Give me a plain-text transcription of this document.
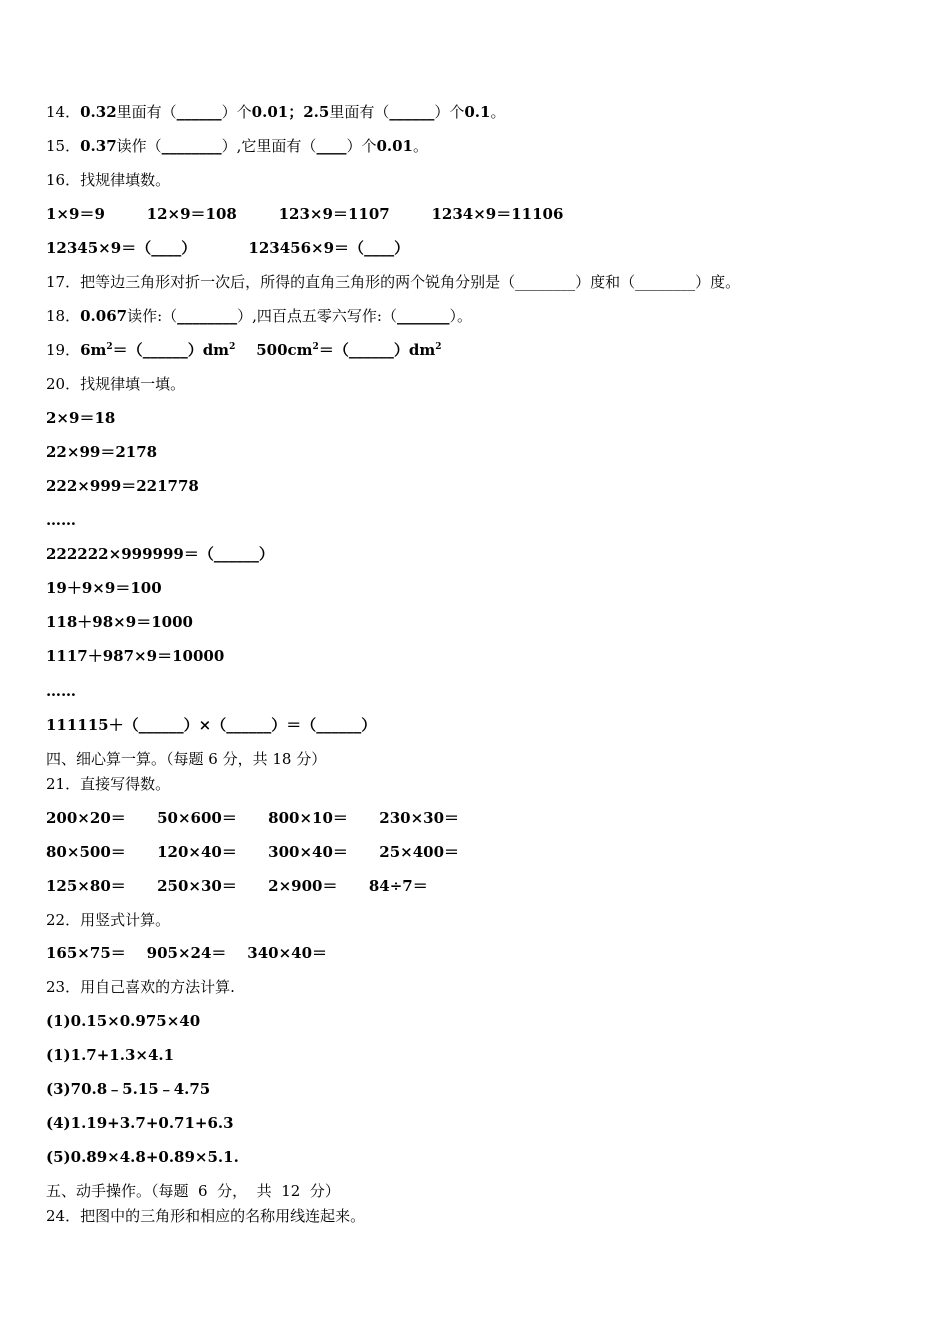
14．0.32里面有（______）个0.01；2.5里面有（______）个0.1。
15．0.37读作（________）,它里面有（____）个0.01。
16．找规律填数。
1×9＝9        12×9＝108        123×9＝1107        1234×9＝11106
12345×9＝（____）          123456×9＝（____）
17．把等边三角形对折一次后，所得的直角三角形的两个锐角分别是（________）度和（________）度。
18．0.067读作:（________）,四百点五零六写作:（_______）。
19．$6m^2=(\_\_\_\_\_\_)dm^2$    $500cm^2=(\_\_\_\_\_\_)dm^2$
20．找规律填一填。
2×9＝18
22×99＝2178
222×999＝221778
……
222222×999999＝（______）
19＋9×9＝100
118＋98×9＝1000
1117＋987×9＝10000
……
111115＋（______）×（______）＝（______）
四、细心算一算。（每题 6 分，共 18 分）
21．直接写得数。
200×20＝      50×600＝      800×10＝      230×30＝
80×500＝      120×40＝      300×40＝      25×400＝
125×80＝      250×30＝      2×900＝      84÷7＝
22．用竖式计算。
165×75＝    905×24＝    340×40＝
23．用自己喜欢的方法计算.
(1)0.15×0.975×40
(1)1.7+1.3×4.1
(3)70.8﹣5.15﹣4.75
(4)1.19+3.7+0.71+6.3
(5)0.89×4.8+0.89×5.1.
五、动手操作。（每题  6  分，  共  12  分）
24．把图中的三角形和相应的名称用线连起来。
